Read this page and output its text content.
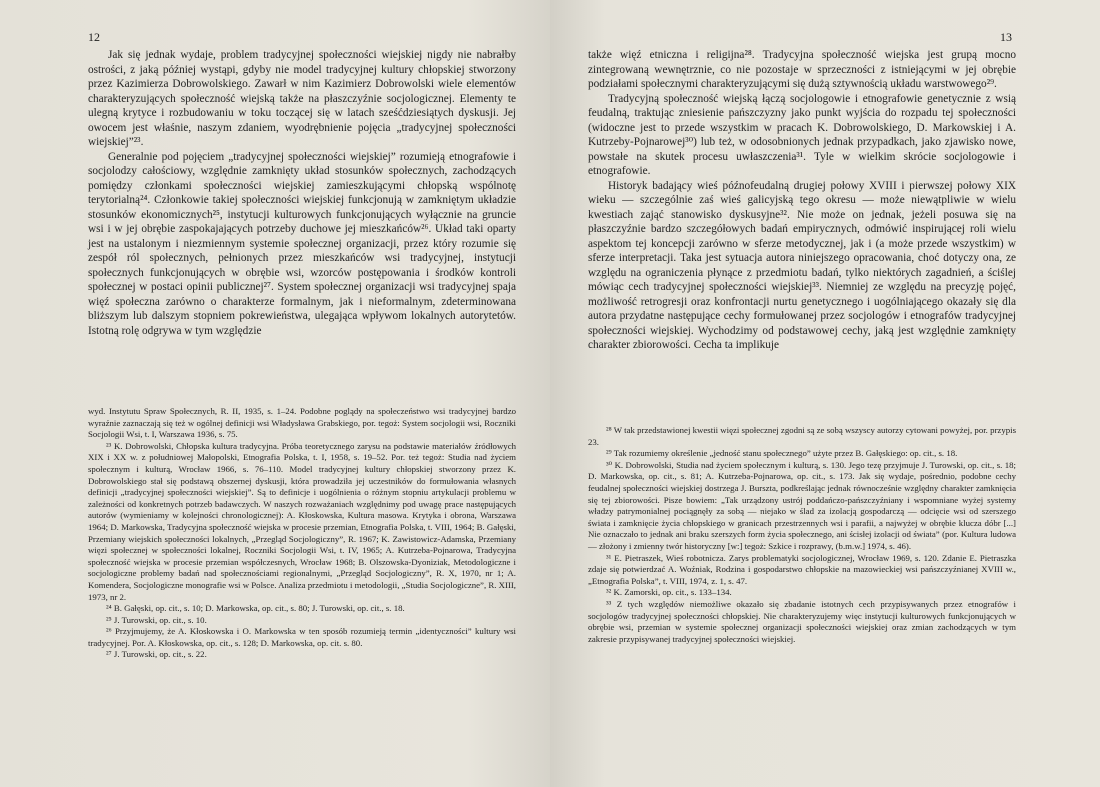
12

Jak się jednak wydaje, problem tradycyjnej społeczności wiejskiej nigdy nie nabrałby ostrości, z jaką później wystąpi, gdyby nie model tradycyjnej kultury chłopskiej stworzony przez Kazimierza Dobrowolskiego. Zawarł w nim Kazimierz Dobrowolski wiele elementów charakteryzujących społeczność wiejską także na płaszczyźnie socjologicznej. Elementy te ulegną krytyce i rozbudowaniu w toku toczącej się w latach sześćdziesiątych dyskusji. Jej owocem jest właśnie, naszym zdaniem, wyodrębnienie pojęcia „tradycyjnej społeczności wiejskiej”²³.

Generalnie pod pojęciem „tradycyjnej społeczności wiejskiej” rozumieją etnografowie i socjolodzy całościowy, względnie zamknięty układ stosunków społecznych, zachodzących pomiędzy członkami społeczności wiejskiej zamieszkującymi chłopską wspólnotę terytorialną²⁴. Członkowie takiej społeczności wiejskiej funkcjonują w zamkniętym układzie stosunków ekonomicznych²⁵, instytucji kulturowych funkcjonujących wyłącznie na gruncie wsi i w jej obrębie zaspokajających potrzeby duchowe jej mieszkańców²⁶. Układ taki oparty jest na ustalonym i niezmiennym systemie społecznej organizacji, przez który rozumie się zespół ról społecznych, pełnionych przez mieszkańców wsi tradycyjnej, instytucji społecznych funkcjonujących w obrębie wsi, wzorców postępowania i środków kontroli społecznej w postaci opinii publicznej²⁷. System społecznej organizacji wsi tradycyjnej spaja więź społeczna zarówno o charakterze formalnym, jak i nieformalnym, zdeterminowana bliższym lub dalszym stopniem pokrewieństwa, ulegająca wpływom lokalnych autorytetów. Istotną rolę odgrywa w tym względzie

wyd. Instytutu Spraw Społecznych, R. II, 1935, s. 1–24. Podobne poglądy na społeczeństwo wsi tradycyjnej bardzo wyraźnie zaznaczają się też w ogólnej definicji wsi Władysława Grabskiego, por. tegoż: System socjologii wsi, Roczniki Socjologii Wsi, t. I, Warszawa 1936, s. 75.

²³ K. Dobrowolski, Chłopska kultura tradycyjna. Próba teoretycznego zarysu na podstawie materiałów źródłowych XIX i XX w. z południowej Małopolski, Etnografia Polska, t. I, 1958, s. 19–52. Por. też tegoż: Studia nad życiem społecznym i kulturą, Wrocław 1966, s. 76–110. Model tradycyjnej kultury chłopskiej stworzony przez K. Dobrowolskiego stał się podstawą obszernej dyskusji, która prowadziła jej uczestników do formułowania własnych definicji „tradycyjnej społeczności wiejskiej”. Są to definicje i uogólnienia o różnym stopniu artykulacji problemu w zależności od konkretnych potrzeb badawczych. W naszych rozważaniach względnimy pod uwagę prace następujących autorów (wymieniamy w kolejności chronologicznej): A. Kłoskowska, Kultura masowa. Krytyka i obrona, Warszawa 1964; D. Markowska, Tradycyjna społeczność wiejska w procesie przemian, Etnografia Polska, t. VIII, 1964; B. Gałęski, Przemiany wiejskich społeczności lokalnych, „Przegląd Socjologiczny”, R. 1967; K. Zawistowicz-Adamska, Przemiany więzi społecznej w społeczności lokalnej, Roczniki Socjologii Wsi, t. IV, 1965; A. Kutrzeba-Pojnarowa, Tradycyjna społeczność wiejska w procesie przemian współczesnych, Wrocław 1968; B. Olszowska-Dyoniziak, Metodologiczne i socjologiczne problemy badań nad społecznościami regionalnymi, „Przegląd Socjologiczny”, R. X, 1970, nr 1; A. Komendera, Socjologiczne monografie wsi w Polsce. Analiza przedmiotu i metodologii, „Studia Socjologiczne”, R. XIII, 1973, nr 2.

²⁴ B. Gałęski, op. cit., s. 10; D. Markowska, op. cit., s. 80; J. Turowski, op. cit., s. 18.

²⁵ J. Turowski, op. cit., s. 10.

²⁶ Przyjmujemy, że A. Kłoskowska i O. Markowska w ten sposób rozumieją termin „identyczności” kultury wsi tradycyjnej. Por. A. Kłoskowska, op. cit., s. 128; D. Markowska, op. cit. s. 80.

²⁷ J. Turowski, op. cit., s. 22.

13

także więź etniczna i religijna²⁸. Tradycyjna społeczność wiejska jest grupą mocno zintegrowaną wewnętrznie, co nie pozostaje w sprzeczności z istniejącymi w jej obrębie podziałami społecznymi charakteryzującymi się dużą sztywnością układu warstwowego²⁹.

Tradycyjną społeczność wiejską łączą socjologowie i etnografowie genetycznie z wsią feudalną, traktując zniesienie pańszczyzny jako punkt wyjścia do rozpadu tej społeczności (widoczne jest to przede wszystkim w pracach K. Dobrowolskiego, D. Markowskiej i A. Kutrzeby-Pojnarowej³⁰) lub też, w odosobnionych jednak przypadkach, jako zjawisko nowe, powstałe na skutek procesu uwłaszczenia³¹. Tyle w wielkim skrócie socjologowie i etnografowie.

Historyk badający wieś późnofeudalną drugiej połowy XVIII i pierwszej połowy XIX wieku — szczególnie zaś wieś galicyjską tego okresu — może niewątpliwie w wielu kwestiach zająć stanowisko dyskusyjne³². Nie może on jednak, jeżeli posuwa się na płaszczyźnie bardzo szczegółowych badań empirycznych, odmówić inspirującej roli wielu aspektom tej koncepcji zarówno w sferze metodycznej, jak i (a może przede wszystkim) w sferze interpretacji. Taka jest sytuacja autora niniejszego opracowania, choć dotyczy ona, ze względu na ograniczenia płynące z przedmiotu badań, tylko niektórych zagadnień, a ściślej mówiąc cech tradycyjnej społeczności wiejskiej³³. Niemniej ze względu na precyzję pojęć, możliwość retrogresji oraz konfrontacji nurtu genetycznego i uogólniającego okazały się dla autora przydatne następujące cechy formułowanej przez socjologów i etnografów tradycyjnej społeczności wiejskiej. Wychodzimy od podstawowej cechy, jaką jest względnie zamknięty charakter zbiorowości. Cecha ta implikuje

²⁸ W tak przedstawionej kwestii więzi społecznej zgodni są ze sobą wszyscy autorzy cytowani powyżej, por. przypis 23.

²⁹ Tak rozumiemy określenie „jedność stanu społecznego” użyte przez B. Gałęskiego: op. cit., s. 18.

³⁰ K. Dobrowolski, Studia nad życiem społecznym i kulturą, s. 130. Jego tezę przyjmuje J. Turowski, op. cit., s. 18; D. Markowska, op. cit., s. 81; A. Kutrzeba-Pojnarowa, op. cit., s. 173. Jak się wydaje, pośrednio, podobne cechy feudalnej społeczności wiejskiej dostrzega J. Burszta, podkreślając jednak równocześnie względny charakter zamknięcia się tej zbiorowości. Pisze bowiem: „Tak urządzony ustrój poddańczo-pańszczyźniany i wspomniane wyżej systemy władzy patrymonialnej pociągnęły za sobą — niejako w ślad za izolacją gospodarczą — odcięcie wsi od szerszego świata i zamknięcie życia chłopskiego w granicach przestrzennych wsi i parafii, a najwyżej w obrębie klucza dóbr [...] Nie oznaczało to jednak ani braku szerszych form życia społecznego, ani ścisłej izolacji od świata” (por. Kultura ludowa — złożony i zmienny twór historyczny [w:] tegoż: Szkice i rozprawy, (b.m.w.] 1974, s. 46).

³¹ E. Pietraszek, Wieś robotnicza. Zarys problematyki socjologicznej, Wrocław 1969, s. 120. Zdanie E. Pietraszka zdaje się potwierdzać A. Woźniak, Rodzina i gospodarstwo chłopskie na mazowieckiej wsi pańszczyźnianej XVIII w., „Etnografia Polska”, t. VIII, 1974, z. 1, s. 47.

³² K. Zamorski, op. cit., s. 133–134.

³³ Z tych względów niemożliwe okazało się zbadanie istotnych cech przypisywanych przez etnografów i socjologów tradycyjnej społeczności chłopskiej. Nie charakteryzujemy więc instytucji kulturowych funkcjonujących w obrębie wsi, przemian w systemie społecznej organizacji społeczności wiejskiej oraz zmian zachodzących w tym zakresie przypisywanej tradycyjnej społeczności wiejskiej.
